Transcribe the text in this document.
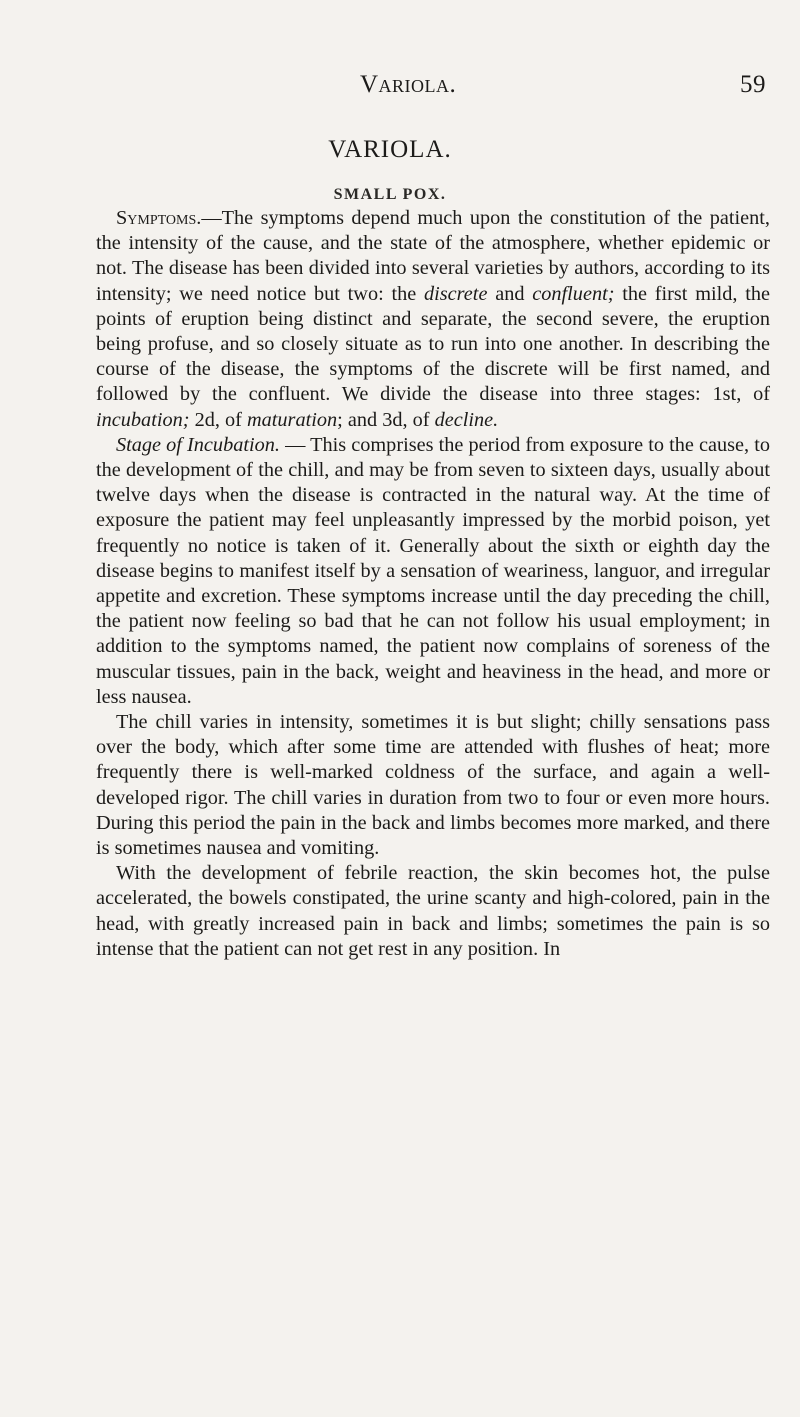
Variola.	59
VARIOLA.
SMALL POX.

Symptoms.—The symptoms depend much upon the constitution of the patient, the intensity of the cause, and the state of the atmosphere, whether epidemic or not. The disease has been divided into several varieties by authors, according to its intensity; we need notice but two: the discrete and confluent; the first mild, the points of eruption being distinct and separate, the second severe, the eruption being profuse, and so closely situate as to run into one another. In describing the course of the disease, the symptoms of the discrete will be first named, and followed by the confluent. We divide the disease into three stages: 1st, of incubation; 2d, of maturation; and 3d, of decline.

Stage of Incubation. — This comprises the period from exposure to the cause, to the development of the chill, and may be from seven to sixteen days, usually about twelve days when the disease is contracted in the natural way. At the time of exposure the patient may feel unpleasantly impressed by the morbid poison, yet frequently no notice is taken of it. Generally about the sixth or eighth day the disease begins to manifest itself by a sensation of weariness, languor, and irregular appetite and excretion. These symptoms increase until the day preceding the chill, the patient now feeling so bad that he can not follow his usual employment; in addition to the symptoms named, the patient now complains of soreness of the muscular tissues, pain in the back, weight and heaviness in the head, and more or less nausea.

The chill varies in intensity, sometimes it is but slight; chilly sensations pass over the body, which after some time are attended with flushes of heat; more frequently there is well-marked coldness of the surface, and again a well-developed rigor. The chill varies in duration from two to four or even more hours. During this period the pain in the back and limbs becomes more marked, and there is sometimes nausea and vomiting.

With the development of febrile reaction, the skin becomes hot, the pulse accelerated, the bowels constipated, the urine scanty and high-colored, pain in the head, with greatly increased pain in back and limbs; sometimes the pain is so intense that the patient can not get rest in any position. In
